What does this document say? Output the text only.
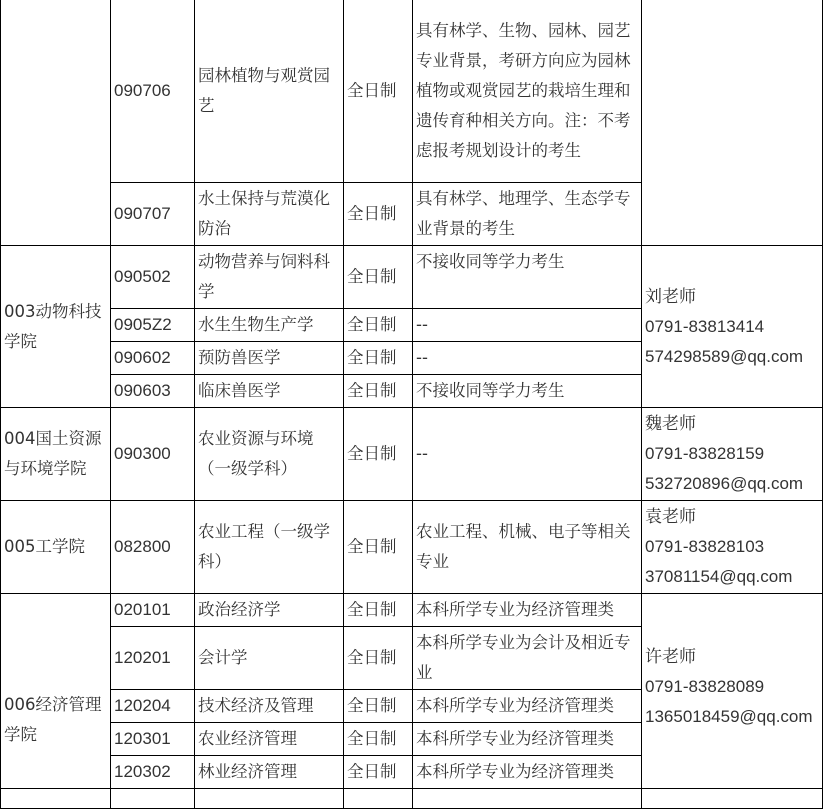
	090706	园林植物与观赏园艺	全日制	具有林学、生物、园林、园艺专业背景，考研方向应为园林植物或观赏园艺的栽培生理和遗传育种相关方向。注：不考虑报考规划设计的考生	
	090707	水土保持与荒漠化防治	全日制	具有林学、地理学、生态学专业背景的考生	
003动物科技学院	090502	动物营养与饲料科学	全日制	不接收同等学力考生	刘老师
0791-83813414
574298589@qq.com

	0905Z2	水生生物生产学	全日制	--	
	090602	预防兽医学	全日制	--	
	090603	临床兽医学	全日制	不接收同等学力考生	
004国土资源与环境学院	090300	农业资源与环境（一级学科）	全日制	--	魏老师
0791-83828159
532720896@qq.com

005工学院	082800	农业工程（一级学科）	全日制	农业工程、机械、电子等相关专业	袁老师
0791-83828103
37081154@qq.com

006经济管理学院	020101	政治经济学	全日制	本科所学专业为经济管理类	许老师
0791-83828089
1365018459@qq.com

	120201	会计学	全日制	本科所学专业为会计及相近专业	
	120204	技术经济及管理	全日制	本科所学专业为经济管理类	
	120301	农业经济管理	全日制	本科所学专业为经济管理类	
	120302	林业经济管理	全日制	本科所学专业为经济管理类	
